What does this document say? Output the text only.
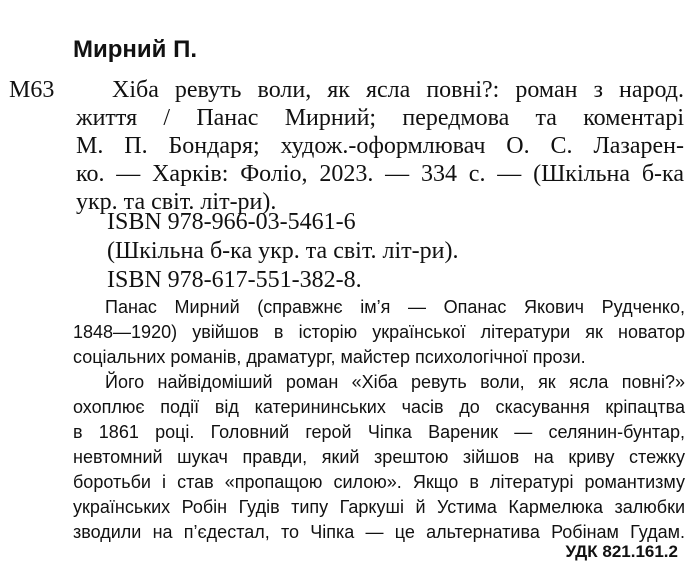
Мирний П.
М63	Хіба ревуть воли, як ясла повні?: роман з народ.
життя / Панас Мирний; передмова та коментарі
М. П. Бондаря; худож.-оформлювач О. С. Лазарен-
ко. — Харків: Фоліо, 2023. — 334 с. — (Шкільна б-ка
укр. та світ. літ-ри).
ISBN 978-966-03-5461-6
(Шкільна б-ка укр. та світ. літ-ри).
ISBN 978-617-551-382-8.
Панас Мирний (справжнє ім’я — Опанас Якович Рудченко,
1848—1920) увійшов в історію української літератури як новатор
соціальних романів, драматург, майстер психологічної прози.
Його найвідоміший роман «Хіба ревуть воли, як ясла повні?»
охоплює події від катерининських часів до скасування кріпацтва
в 1861 році. Головний герой Чіпка Вареник — селянин-бунтар,
невтомний шукач правди, який зрештою зійшов на криву стежку
боротьби і став «пропащою силою». Якщо в літературі романтизму
українських Робін Гудів типу Гаркуші й Устима Кармелюка залюбки
зводили на п’єдестал, то Чіпка — це альтернатива Робінам Гудам.
УДК 821.161.2
